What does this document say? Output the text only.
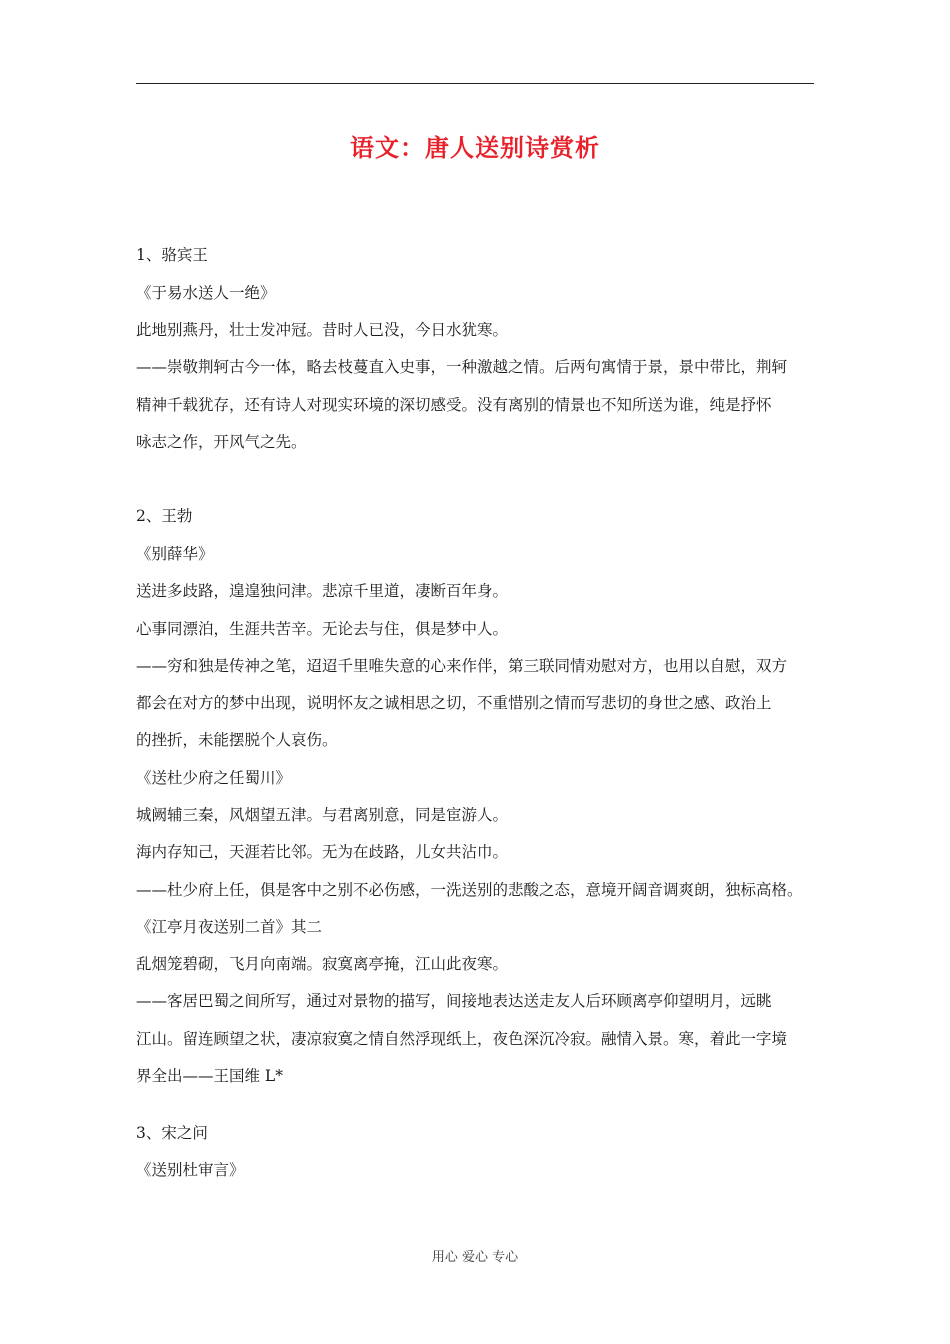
语文：唐人送别诗赏析
1、骆宾王
《于易水送人一绝》
此地别燕丹，壮士发冲冠。昔时人已没，今日水犹寒。
——崇敬荆轲古今一体，略去枝蔓直入史事，一种激越之情。后两句寓情于景，景中带比，荆轲
精神千载犹存，还有诗人对现实环境的深切感受。没有离别的情景也不知所送为谁，纯是抒怀
咏志之作，开风气之先。
2、王勃
《别薛华》
送进多歧路，遑遑独问津。悲凉千里道，凄断百年身。
心事同漂泊，生涯共苦辛。无论去与住，俱是梦中人。
——穷和独是传神之笔，迢迢千里唯失意的心来作伴，第三联同情劝慰对方，也用以自慰，双方
都会在对方的梦中出现，说明怀友之诚相思之切，不重惜别之情而写悲切的身世之感、政治上
的挫折，未能摆脱个人哀伤。
《送杜少府之任蜀川》
城阙辅三秦，风烟望五津。与君离别意，同是宦游人。
海内存知己，天涯若比邻。无为在歧路，儿女共沾巾。
——杜少府上任，俱是客中之别不必伤感，一洗送别的悲酸之态，意境开阔音调爽朗，独标高格。
《江亭月夜送别二首》其二
乱烟笼碧砌，飞月向南端。寂寞离亭掩，江山此夜寒。
——客居巴蜀之间所写，通过对景物的描写，间接地表达送走友人后环顾离亭仰望明月，远眺
江山。留连顾望之状，凄凉寂寞之情自然浮现纸上，夜色深沉冷寂。融情入景。寒，着此一字境
界全出——王国维 L*
3、宋之问
《送别杜审言》
用心 爱心 专心
